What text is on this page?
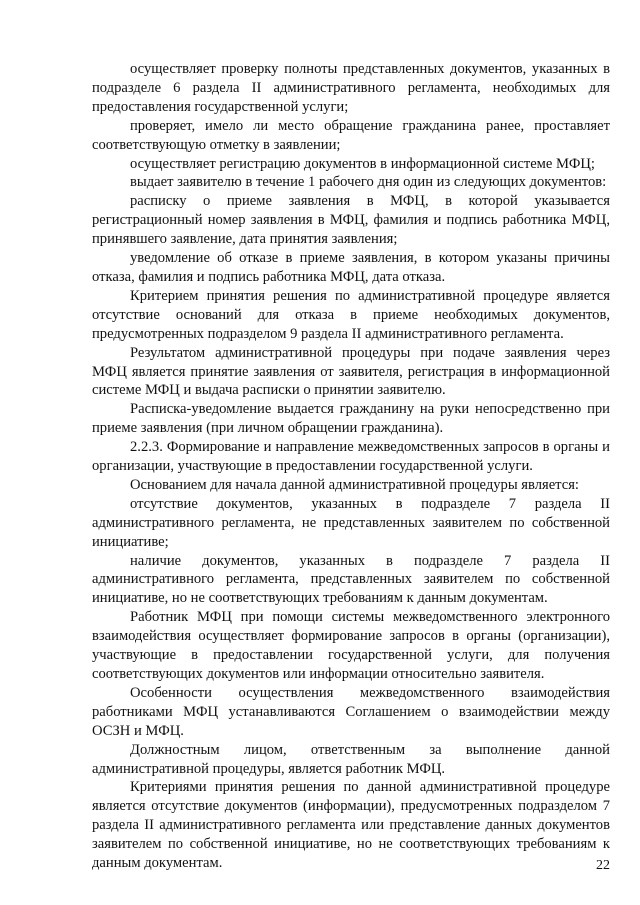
осуществляет проверку полноты представленных документов, указанных в подразделе 6 раздела II административного регламента, необходимых для предоставления государственной услуги;

проверяет, имело ли место обращение гражданина ранее, проставляет соответствующую отметку в заявлении;

осуществляет регистрацию документов в информационной системе МФЦ;

выдает заявителю в течение 1 рабочего дня один из следующих документов:

расписку о приеме заявления в МФЦ, в которой указывается регистрационный номер заявления в МФЦ, фамилия и подпись работника МФЦ, принявшего заявление, дата принятия заявления;

уведомление об отказе в приеме заявления, в котором указаны причины отказа, фамилия и подпись работника МФЦ, дата отказа.

Критерием принятия решения по административной процедуре является отсутствие оснований для отказа в приеме необходимых документов, предусмотренных подразделом 9 раздела II административного регламента.

Результатом административной процедуры при подаче заявления через МФЦ является принятие заявления от заявителя, регистрация в информационной системе МФЦ и выдача расписки о принятии заявителю.

Расписка-уведомление выдается гражданину на руки непосредственно при приеме заявления (при личном обращении гражданина).

2.2.3. Формирование и направление межведомственных запросов в органы и организации, участвующие в предоставлении государственной услуги.

Основанием для начала данной административной процедуры является:

отсутствие документов, указанных в подразделе 7 раздела II административного регламента, не представленных заявителем по собственной инициативе;

наличие документов, указанных в подразделе 7 раздела II административного регламента, представленных заявителем по собственной инициативе, но не соответствующих требованиям к данным документам.

Работник МФЦ при помощи системы межведомственного электронного взаимодействия осуществляет формирование запросов в органы (организации), участвующие в предоставлении государственной услуги, для получения соответствующих документов или информации относительно заявителя.

Особенности осуществления межведомственного взаимодействия работниками МФЦ устанавливаются Соглашением о взаимодействии между ОСЗН и МФЦ.

Должностным лицом, ответственным за выполнение данной административной процедуры, является работник МФЦ.

Критериями принятия решения по данной административной процедуре является отсутствие документов (информации), предусмотренных подразделом 7 раздела II административного регламента или представление данных документов заявителем по собственной инициативе, но не соответствующих требованиям к данным документам.	22
